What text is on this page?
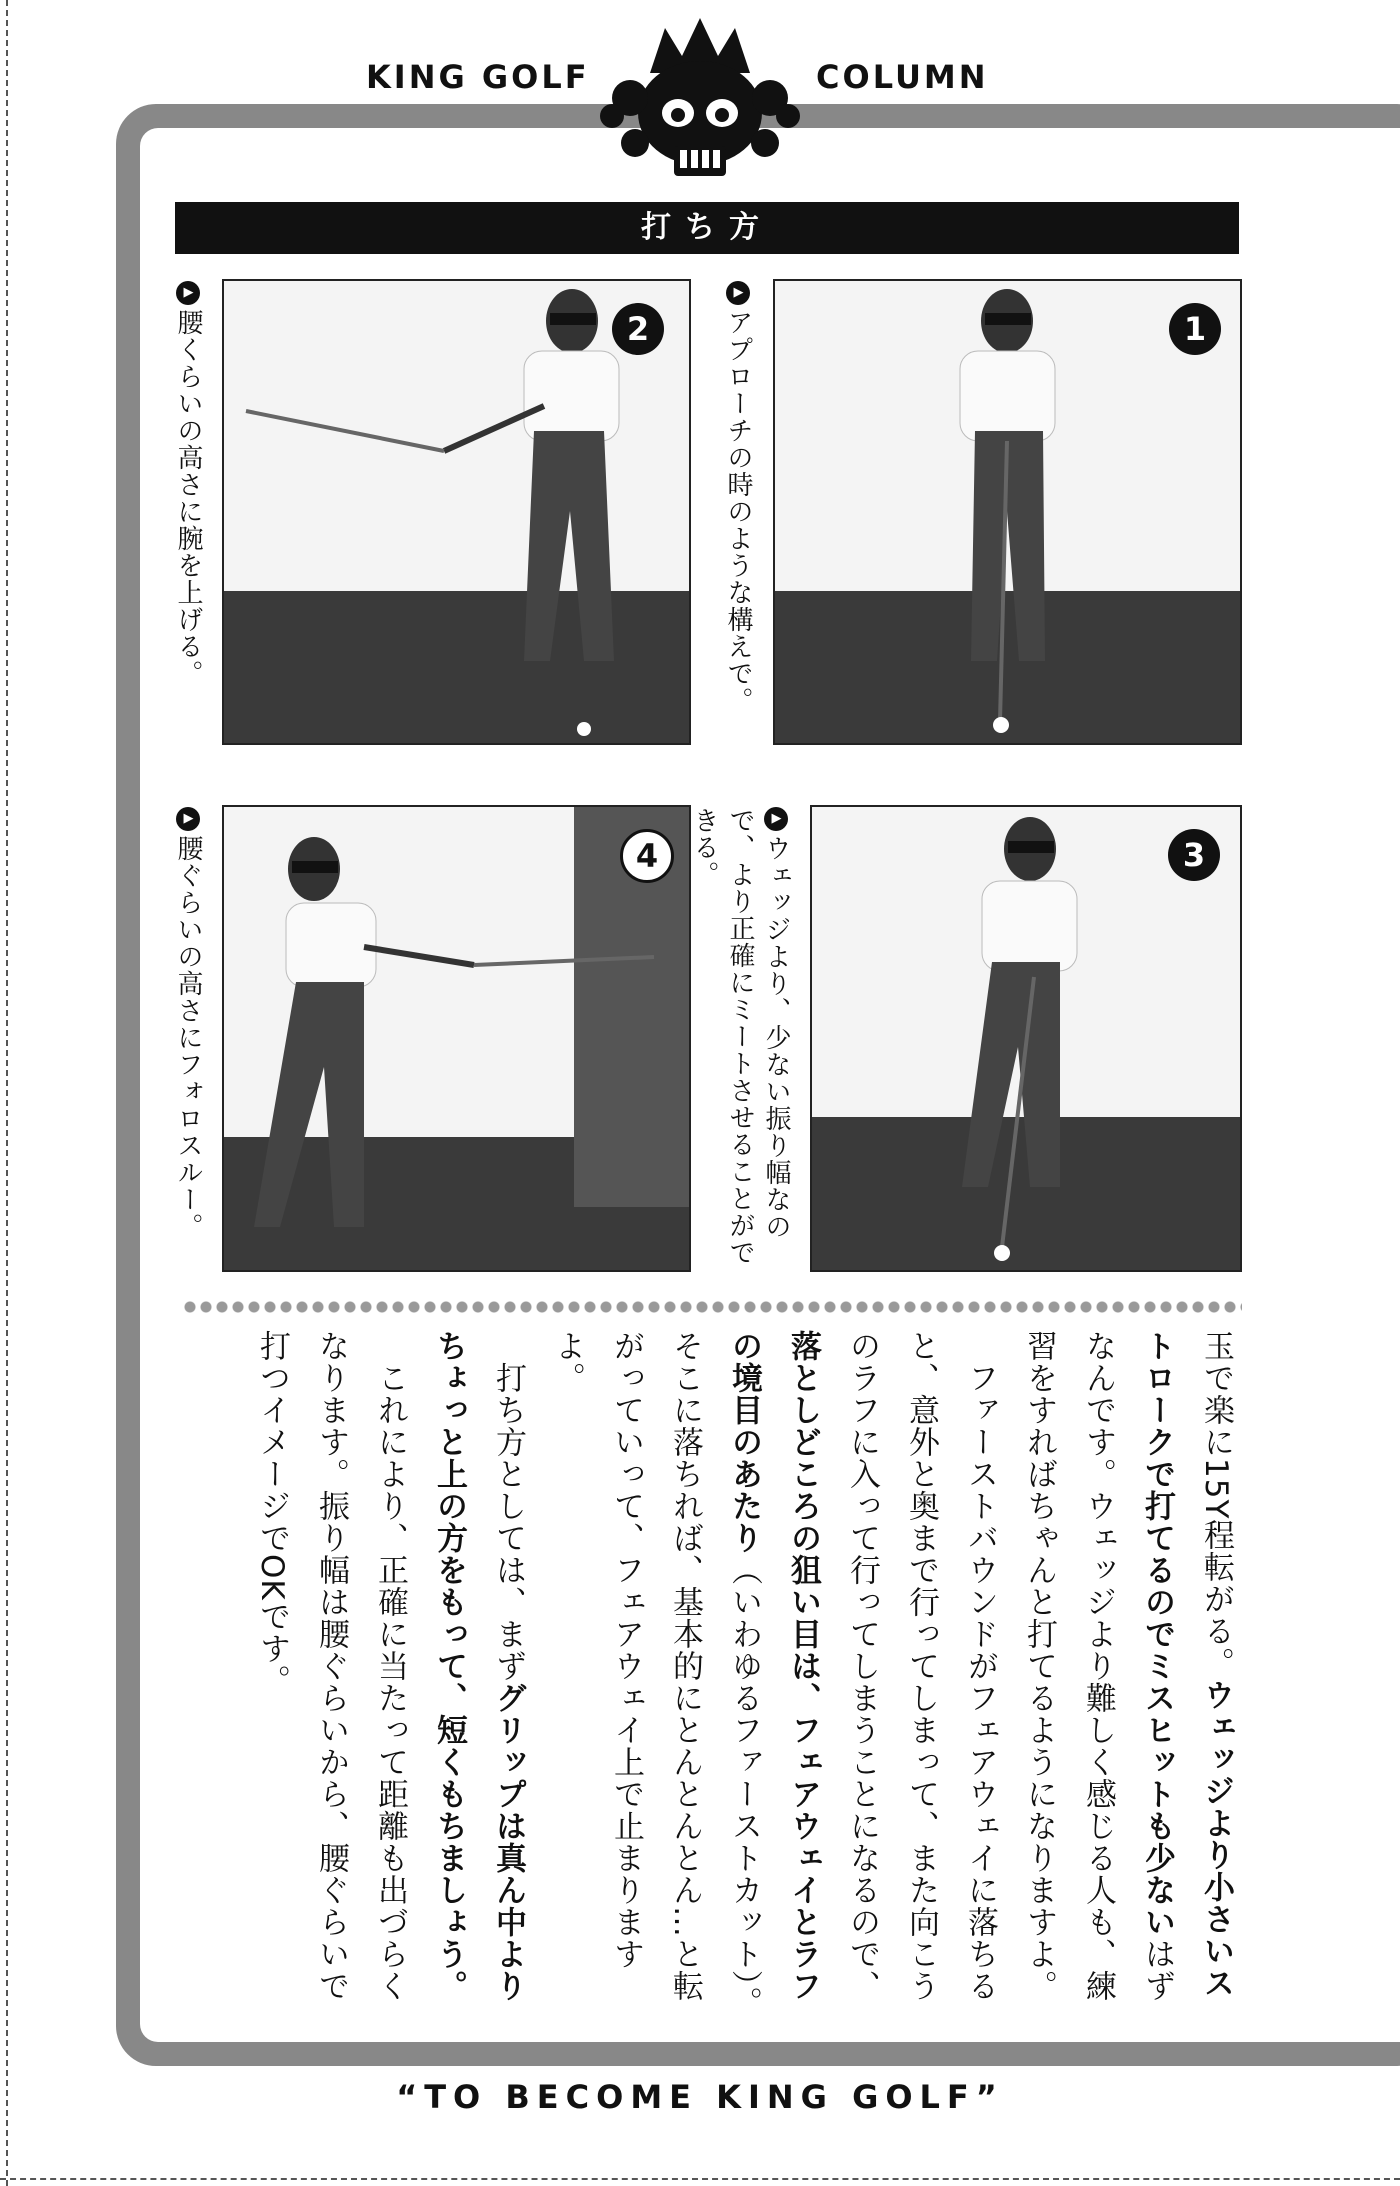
KING GOLF	COLUMN
打ち方
1
2
3
4
▶アプローチの時のような構えで。
▶腰くらいの高さに腕を上げる。
▶ウェッジより、少ない振り幅なので、より正確にミートさせることができる。
▶腰ぐらいの高さにフォロスルー。

玉で楽に15Y程転がる。ウェッジより小さいストロークで打てるのでミスヒットも少ないはずなんです。ウェッジより難しく感じる人も、練習をすればちゃんと打てるようになりますよ。

　ファーストバウンドがフェアウェイに落ちると、意外と奥まで行ってしまって、また向こうのラフに入って行ってしまうことになるので、落としどころの狙い目は、フェアウェイとラフの境目のあたり（いわゆるファーストカット）。そこに落ちれば、基本的にとんとんとん…と転がっていって、フェアウェイ上で止まりますよ。

　打ち方としては、まずグリップは真ん中よりちょっと上の方をもって、短くもちましょう。

　これにより、正確に当たって距離も出づらくなります。振り幅は腰ぐらいから、腰ぐらいで打つイメージでOKです。

“TO BECOME KING GOLF”
